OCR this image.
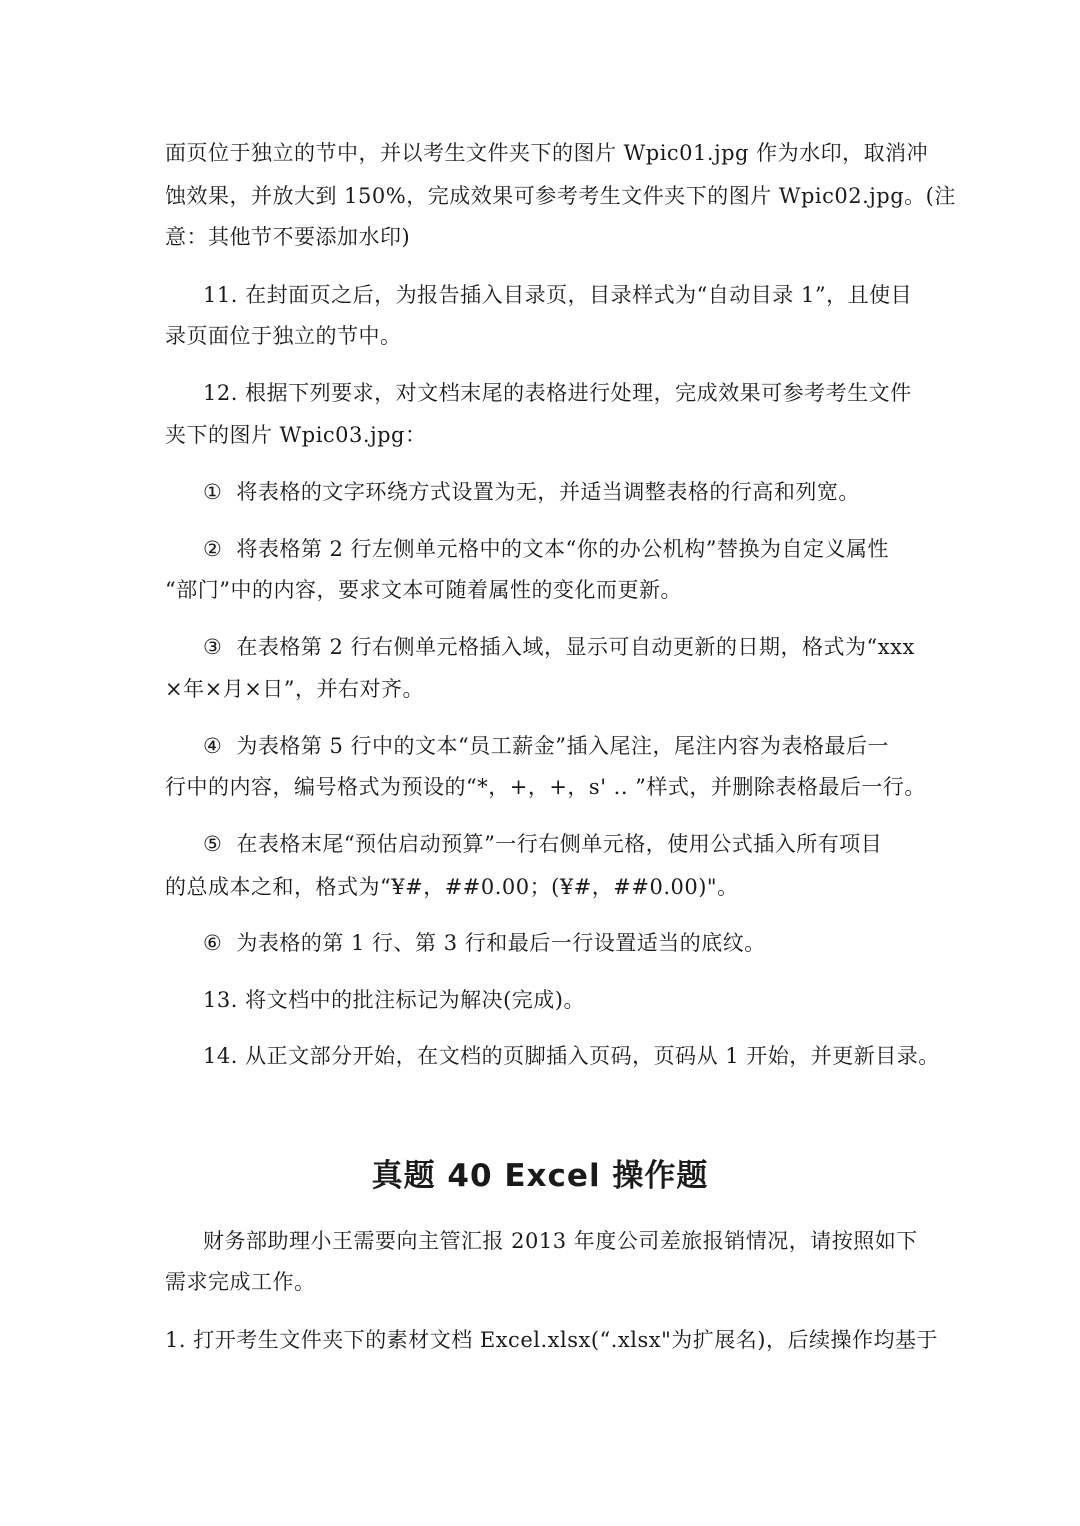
面页位于独立的节中，并以考生文件夹下的图片 Wpic01.jpg 作为水印，取消冲
蚀效果，并放大到 150%，完成效果可参考考生文件夹下的图片 Wpic02.jpg。(注
意：其他节不要添加水印)
11. 在封面页之后，为报告插入目录页，目录样式为“自动目录 1”，且使目
录页面位于独立的节中。
12. 根据下列要求，对文档末尾的表格进行处理，完成效果可参考考生文件
夹下的图片 Wpic03.jpg：
① 将表格的文字环绕方式设置为无，并适当调整表格的行高和列宽。
② 将表格第 2 行左侧单元格中的文本“你的办公机构”替换为自定义属性
“部门”中的内容，要求文本可随着属性的变化而更新。
③ 在表格第 2 行右侧单元格插入域，显示可自动更新的日期，格式为“xxx
×年×月×日”，并右对齐。
④ 为表格第 5 行中的文本“员工薪金”插入尾注，尾注内容为表格最后一
行中的内容，编号格式为预设的“*，+，+，s' .. ”样式，并删除表格最后一行。
⑤ 在表格末尾“预估启动预算”一行右侧单元格，使用公式插入所有项目
的总成本之和，格式为“¥#，##0.00；(¥#，##0.00)"。
⑥ 为表格的第 1 行、第 3 行和最后一行设置适当的底纹。
13. 将文档中的批注标记为解决(完成)。
14. 从正文部分开始，在文档的页脚插入页码，页码从 1 开始，并更新目录。
真题 40 Excel 操作题
财务部助理小王需要向主管汇报 2013 年度公司差旅报销情况，请按照如下
需求完成工作。
1. 打开考生文件夹下的素材文档 Excel.xlsx(“.xlsx"为扩展名)，后续操作均基于
